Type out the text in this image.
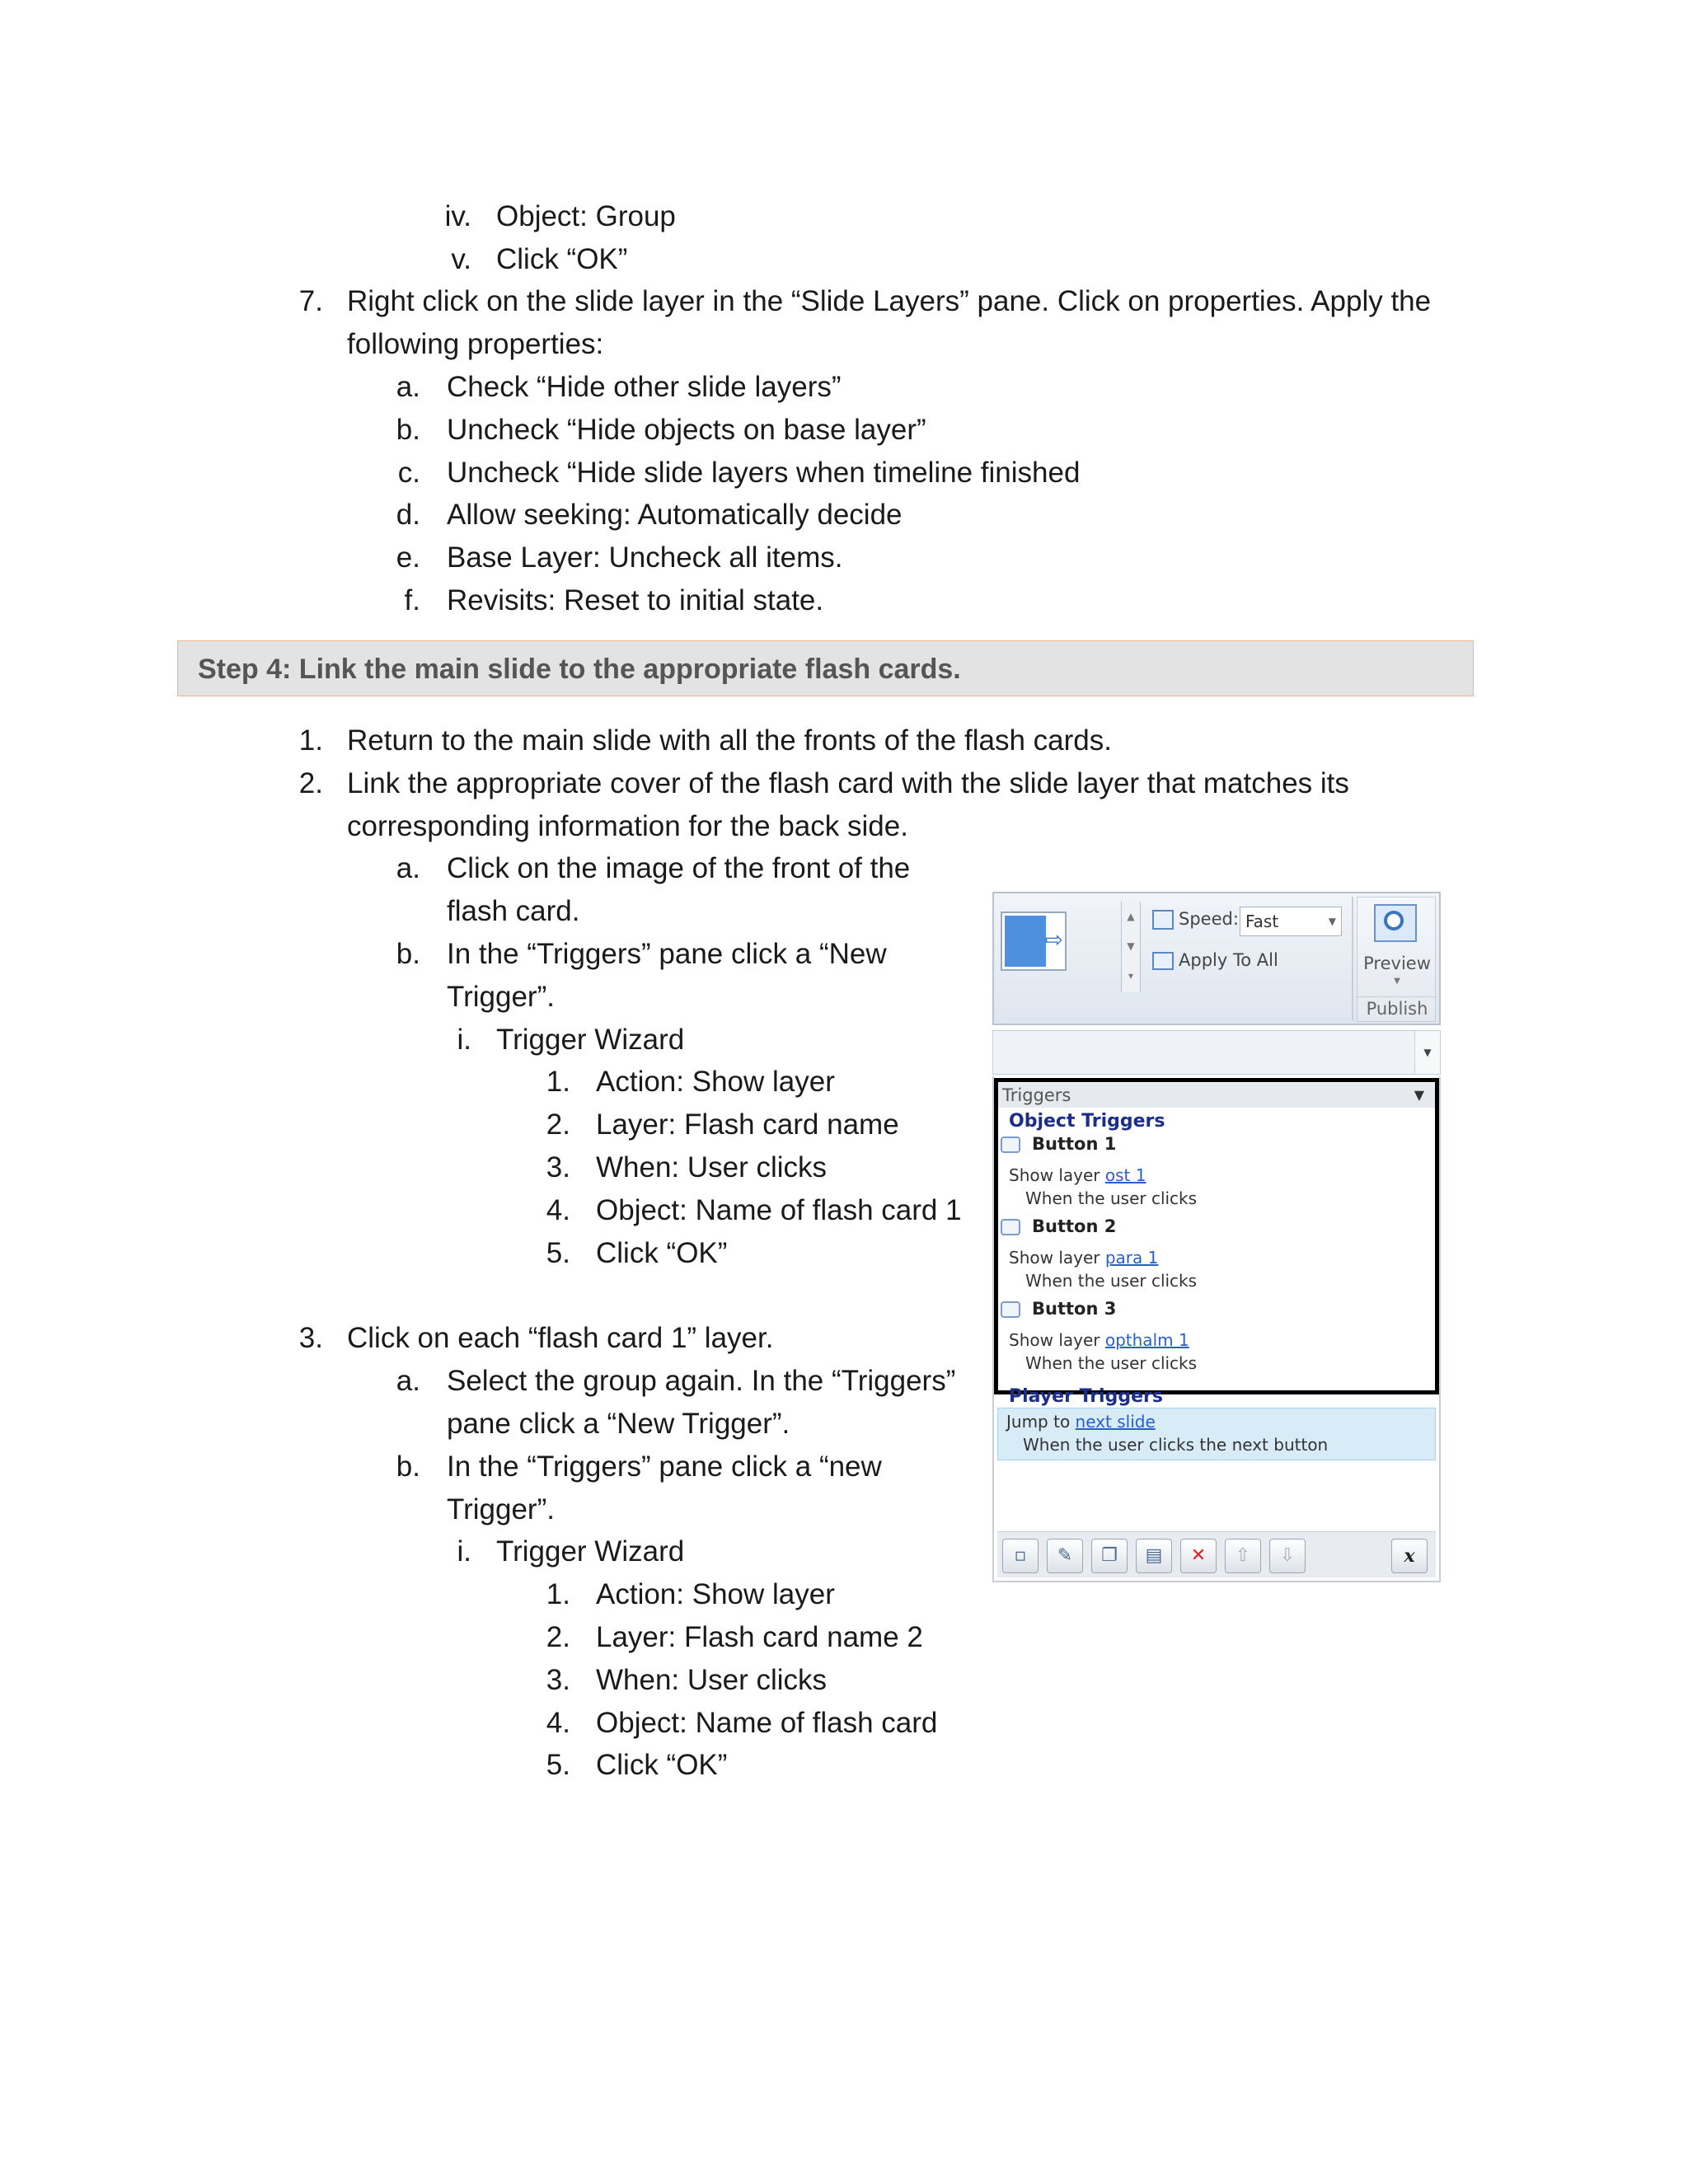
iv. Object: Group
v. Click “OK”
7. Right click on the slide layer in the “Slide Layers” pane. Click on properties. Apply the
following properties:
a. Check “Hide other slide layers”
b. Uncheck “Hide objects on base layer”
c. Uncheck “Hide slide layers when timeline finished
d. Allow seeking: Automatically decide
e. Base Layer: Uncheck all items.
f. Revisits: Reset to initial state.
Step 4: Link the main slide to the appropriate flash cards.
1. Return to the main slide with all the fronts of the flash cards.
2. Link the appropriate cover of the flash card with the slide layer that matches its
corresponding information for the back side.
a. Click on the image of the front of the
flash card.
b. In the “Triggers” pane click a “New
Trigger”.
i. Trigger Wizard
1. Action: Show layer
2. Layer: Flash card name
3. When: User clicks
4. Object: Name of flash card 1
5. Click “OK”
3. Click on each “flash card 1” layer.
a. Select the group again. In the “Triggers”
pane click a “New Trigger”.
b. In the “Triggers” pane click a “new
Trigger”.
i. Trigger Wizard
1. Action: Show layer
2. Layer: Flash card name 2
3. When: User clicks
4. Object: Name of flash card
5. Click “OK”
⇨
▲
▼
▾
Speed: Fast	▼
Apply To All	Preview
▼
Publish
▼
Triggers	▼
Object Triggers
Button 1
Show layer ost 1
When the user clicks
Button 2
Show layer para 1
When the user clicks
Button 3
Show layer opthalm 1
When the user clicks
Player Triggers
Jump to next slide
When the user clicks the next button
▫	✎	❐	▤	✕	⇧	⇩	x
